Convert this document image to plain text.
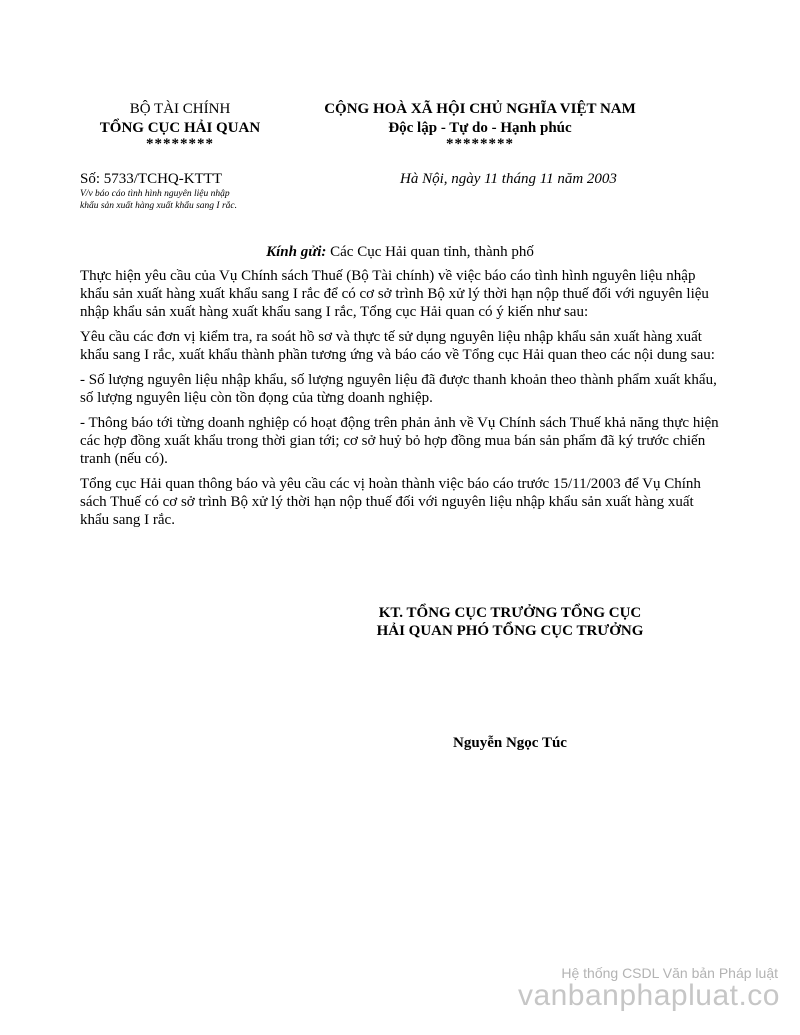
BỘ TÀI CHÍNH
TỔNG CỤC HẢI QUAN
********
CỘNG HOÀ XÃ HỘI CHỦ NGHĨA VIỆT NAM
Độc lập - Tự do - Hạnh phúc
********
Số: 5733/TCHQ-KTTT
V/v báo cáo tình hình nguyên liệu nhập
khẩu sản xuất hàng xuất khẩu sang I rắc.
Hà Nội, ngày 11 tháng 11 năm 2003
Kính gửi: Các Cục Hải quan tỉnh, thành phố

Thực hiện yêu cầu của Vụ Chính sách Thuế (Bộ Tài chính) về việc báo cáo tình hình nguyên liệu nhập khẩu sản xuất hàng xuất khẩu sang I rắc để có cơ sở trình Bộ xử lý thời hạn nộp thuế đối với nguyên liệu nhập khẩu sản xuất hàng xuất khẩu sang I rắc, Tổng cục Hải quan có ý kiến như sau:

Yêu cầu các đơn vị kiểm tra, ra soát hồ sơ và thực tế sử dụng nguyên liệu nhập khẩu sản xuất hàng xuất khẩu sang I rắc, xuất khẩu thành phần tương ứng và báo cáo về Tổng cục Hải quan theo các nội dung sau:

- Số lượng nguyên liệu nhập khẩu, số lượng nguyên liệu đã được thanh khoản theo thành phẩm xuất khẩu, số lượng nguyên liệu còn tồn đọng của từng doanh nghiệp.

- Thông báo tới từng doanh nghiệp có hoạt động trên phản ảnh về Vụ Chính sách Thuế khả năng thực hiện các hợp đồng xuất khẩu trong thời gian tới; cơ sở huỷ bỏ hợp đồng mua bán sản phẩm đã ký trước chiến tranh (nếu có).

Tổng cục Hải quan thông báo và yêu cầu các vị hoàn thành việc báo cáo trước 15/11/2003 để Vụ Chính sách Thuế có cơ sở trình Bộ xử lý thời hạn nộp thuế đối với nguyên liệu nhập khẩu sản xuất hàng xuất khẩu sang I rắc.

KT. TỔNG CỤC TRƯỞNG TỔNG CỤC HẢI QUAN PHÓ TỔNG CỤC TRƯỞNG
Nguyễn Ngọc Túc
Hệ thống CSDL Văn bản Pháp luật
vanbanphapluat.co
